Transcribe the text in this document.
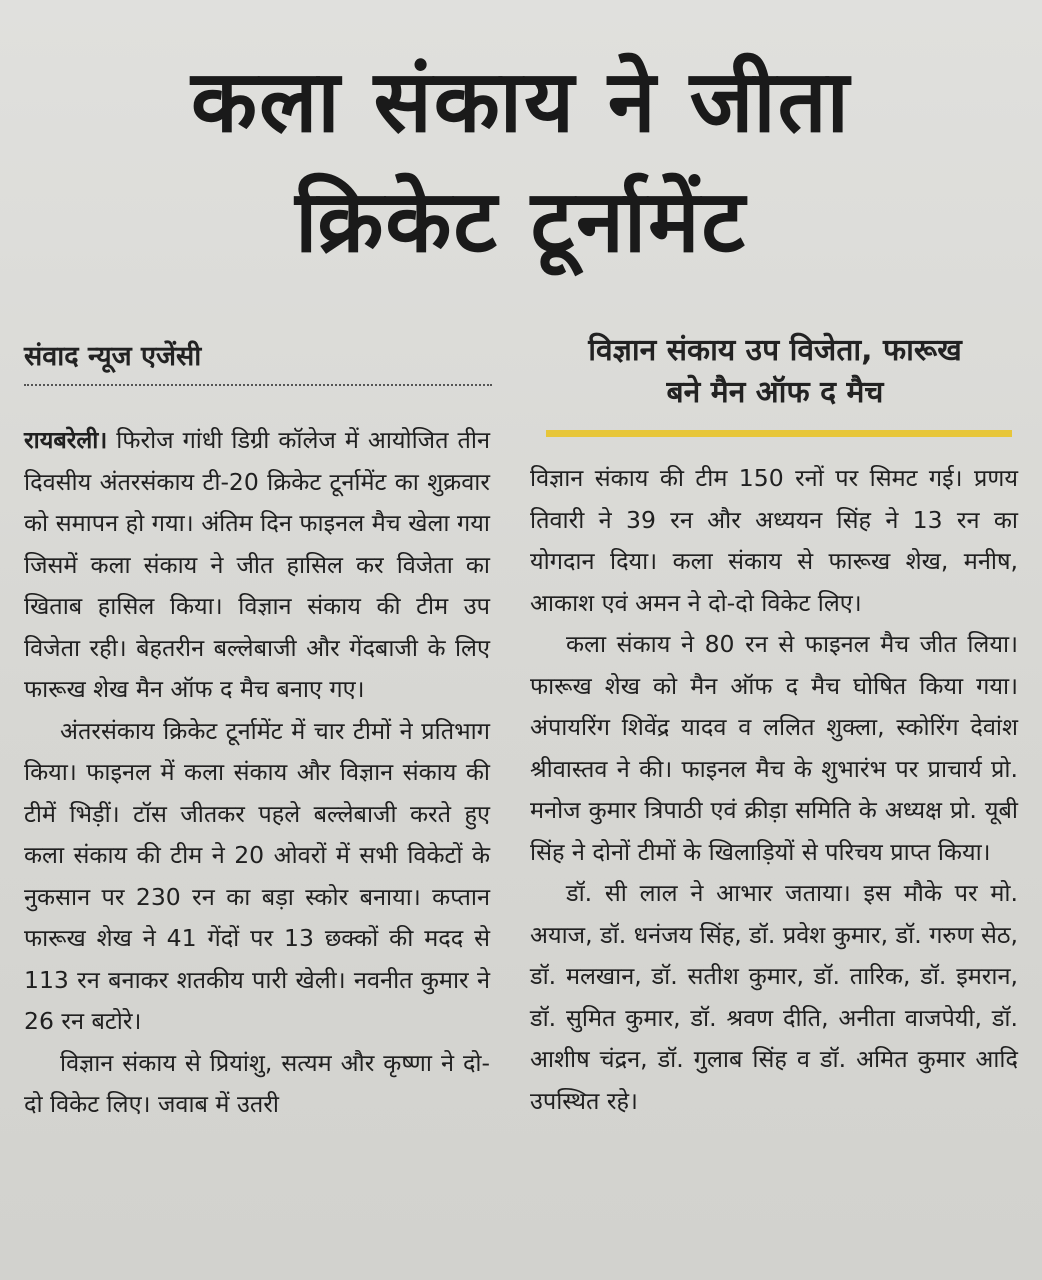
कला संकाय ने जीता
क्रिकेट टूर्नामेंट
संवाद न्यूज एजेंसी	विज्ञान संकाय उप विजेता, फारूख
बने मैन ऑफ द मैच

रायबरेली। फिरोज गांधी डिग्री कॉलेज में आयोजित तीन दिवसीय अंतरसंकाय टी-20 क्रिकेट टूर्नामेंट का शुक्रवार को समापन हो गया। अंतिम दिन फाइनल मैच खेला गया जिसमें कला संकाय ने जीत हासिल कर विजेता का खिताब हासिल किया। विज्ञान संकाय की टीम उप विजेता रही। बेहतरीन बल्लेबाजी और गेंदबाजी के लिए फारूख शेख मैन ऑफ द मैच बनाए गए।

अंतरसंकाय क्रिकेट टूर्नामेंट में चार टीमों ने प्रतिभाग किया। फाइनल में कला संकाय और विज्ञान संकाय की टीमें भिड़ीं। टॉस जीतकर पहले बल्लेबाजी करते हुए कला संकाय की टीम ने 20 ओवरों में सभी विकेटों के नुकसान पर 230 रन का बड़ा स्कोर बनाया। कप्तान फारूख शेख ने 41 गेंदों पर 13 छक्कों की मदद से 113 रन बनाकर शतकीय पारी खेली। नवनीत कुमार ने 26 रन बटोरे।

विज्ञान संकाय से प्रियांशु, सत्यम और कृष्णा ने दो-दो विकेट लिए। जवाब में उतरी

विज्ञान संकाय की टीम 150 रनों पर सिमट गई। प्रणय तिवारी ने 39 रन और अध्ययन सिंह ने 13 रन का योगदान दिया। कला संकाय से फारूख शेख, मनीष, आकाश एवं अमन ने दो-दो विकेट लिए।

कला संकाय ने 80 रन से फाइनल मैच जीत लिया। फारूख शेख को मैन ऑफ द मैच घोषित किया गया। अंपायरिंग शिवेंद्र यादव व ललित शुक्ला, स्कोरिंग देवांश श्रीवास्तव ने की। फाइनल मैच के शुभारंभ पर प्राचार्य प्रो. मनोज कुमार त्रिपाठी एवं क्रीड़ा समिति के अध्यक्ष प्रो. यूबी सिंह ने दोनों टीमों के खिलाड़ियों से परिचय प्राप्त किया।

डॉ. सी लाल ने आभार जताया। इस मौके पर मो. अयाज, डॉ. धनंजय सिंह, डॉ. प्रवेश कुमार, डॉ. गरुण सेठ, डॉ. मलखान, डॉ. सतीश कुमार, डॉ. तारिक, डॉ. इमरान, डॉ. सुमित कुमार, डॉ. श्रवण दीति, अनीता वाजपेयी, डॉ. आशीष चंद्रन, डॉ. गुलाब सिंह व डॉ. अमित कुमार आदि उपस्थित रहे।
